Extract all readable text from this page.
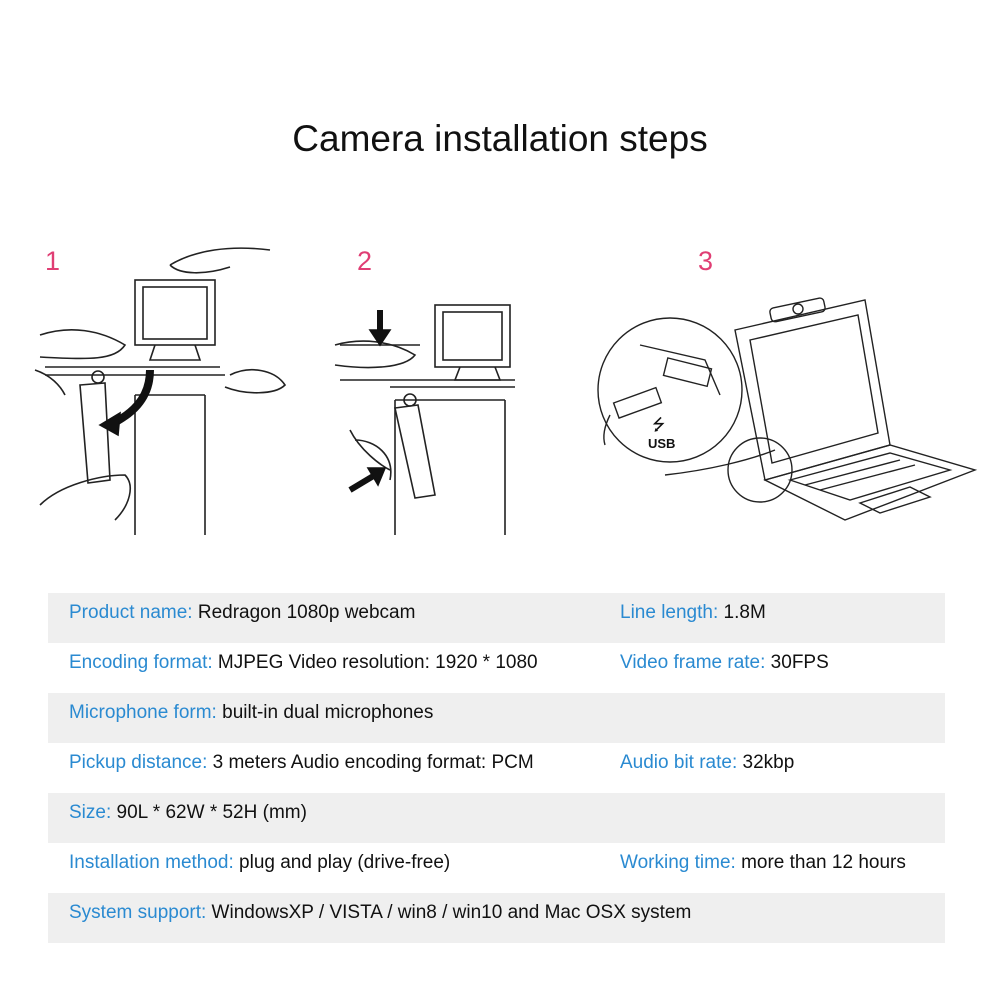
Camera installation steps
1	2	3
USB
⭍
Product name: Redragon 1080p webcam	Line length: 1.8M
Encoding format: MJPEG Video resolution: 1920 * 1080	Video frame rate: 30FPS
Microphone form: built-in dual microphones
Pickup distance: 3 meters Audio encoding format: PCM	Audio bit rate: 32kbp
Size: 90L * 62W * 52H (mm)
Installation method: plug and play (drive-free)	Working time: more than 12 hours
System support: WindowsXP / VISTA / win8 / win10 and Mac OSX system
